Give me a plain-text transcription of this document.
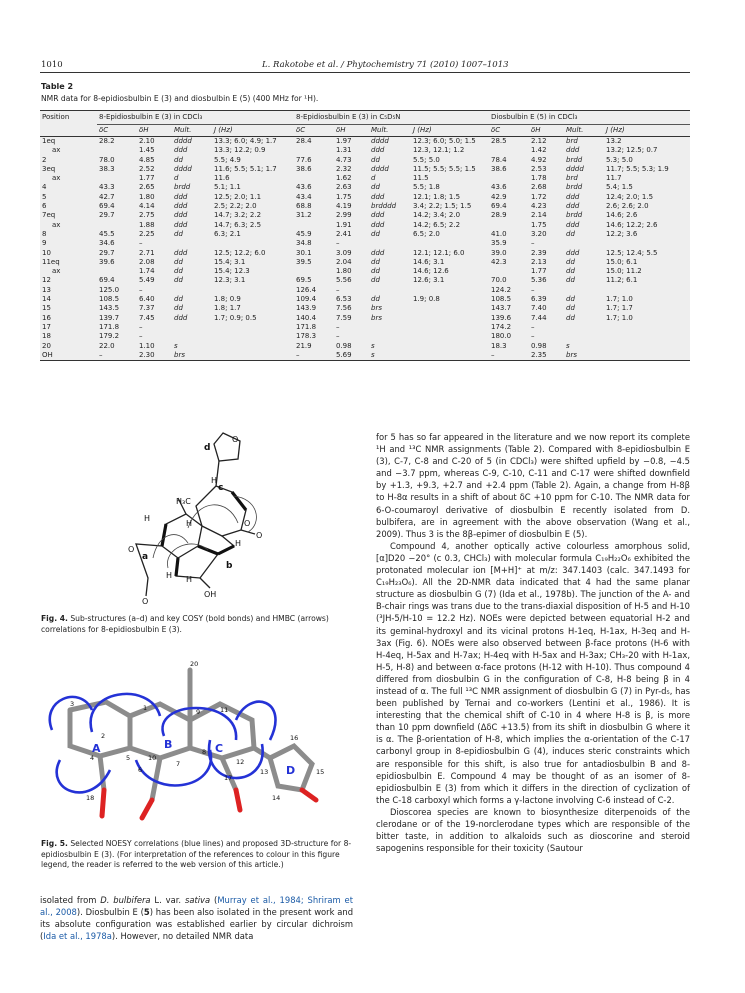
1010	L. Rakotobe et al. / Phytochemistry 71 (2010) 1007–1013
Table 2
NMR data for 8-epidiosbulbin E (3) and diosbulbin E (5) (400 MHz for ¹H).
Position	8-Epidiosbulbin E (3) in CDCl₃				8-Epidiosbulbin E (3) in C₅D₅N				Diosbulbin E (5) in CDCl₃			
	δC	δH	Mult.	J (Hz)	δC	δH	Mult.	J (Hz)	δC	δH	Mult.	J (Hz)
1eq	28.2	2.10	dddd	13.3; 6.0; 4.9; 1.7	28.4	1.97	dddd	12.3; 6.0; 5.0; 1.5	28.5	2.12	brd	13.2
ax		1.45	ddd	13.3; 12.2; 0.9		1.31	ddd	12.3, 12.1; 1.2		1.42	ddd	13.2; 12.5; 0.7
2	78.0	4.85	dd	5.5; 4.9	77.6	4.73	dd	5.5; 5.0	78.4	4.92	brdd	5.3; 5.0
3eq	38.3	2.52	dddd	11.6; 5.5; 5.1; 1.7	38.6	2.32	dddd	11.5; 5.5; 5.5; 1.5	38.6	2.53	dddd	11.7; 5.5; 5.3; 1.9
ax		1.77	d	11.6		1.62	d	11.5		1.78	brd	11.7
4	43.3	2.65	brdd	5.1; 1.1	43.6	2.63	dd	5.5; 1.8	43.6	2.68	brdd	5.4; 1.5
5	42.7	1.80	ddd	12.5; 2.0; 1.1	43.4	1.75	ddd	12.1; 1.8; 1.5	42.9	1.72	ddd	12.4; 2.0; 1.5
6	69.4	4.14	ddd	2.5; 2.2; 2.0	68.8	4.19	brdddd	3.4; 2.2; 1.5; 1.5	69.4	4.23	ddd	2.6; 2.6; 2.0
7eq	29.7	2.75	ddd	14.7; 3.2; 2.2	31.2	2.99	ddd	14.2; 3.4; 2.0	28.9	2.14	brdd	14.6; 2.6
ax		1.88	ddd	14.7; 6.3; 2.5		1.91	ddd	14.2; 6.5; 2.2		1.75	ddd	14.6; 12.2; 2.6
8	45.5	2.25	dd	6.3; 2.1	45.9	2.41	dd	6.5; 2.0	41.0	3.20	dd	12.2; 3.6
9	34.6	–			34.8	–			35.9	–		
10	29.7	2.71	ddd	12.5; 12.2; 6.0	30.1	3.09	ddd	12.1; 12.1; 6.0	39.0	2.39	ddd	12.5; 12.4; 5.5
11eq	39.6	2.08	dd	15.4; 3.1	39.5	2.04	dd	14.6; 3.1	42.3	2.13	dd	15.0; 6.1
ax		1.74	dd	15.4; 12.3		1.80	dd	14.6; 12.6		1.77	dd	15.0; 11.2
12	69.4	5.49	dd	12.3; 3.1	69.5	5.56	dd	12.6; 3.1	70.0	5.36	dd	11.2; 6.1
13	125.0	–			126.4	–			124.2	–		
14	108.5	6.40	dd	1.8; 0.9	109.4	6.53	dd	1.9; 0.8	108.5	6.39	dd	1.7; 1.0
15	143.5	7.37	dd	1.8; 1.7	143.9	7.56	brs		143.7	7.40	dd	1.7; 1.7
16	139.7	7.45	ddd	1.7; 0.9; 0.5	140.4	7.59	brs		139.6	7.44	dd	1.7; 1.0
17	171.8	–			171.8	–			174.2	–		
18	179.2	–			178.3	–			180.0	–		
20	22.0	1.10	s		21.9	0.98	s		18.3	0.98	s	
OH	–	2.30	brs		–	5.69	s		–	2.35	brs	
d
c
a
b
H₃C
H
H
H
H H
H
OH
O
O
O
O
O
Fig. 4. Sub-structures (a–d) and key COSY (bold bonds) and HMBC (arrows) correlations for 8-epidiosbulbin E (3).
1
2
3
4	5
6
7
8
9
10
11
12
13
14
15
16
17
18
20
A	B	C
D
Fig. 5. Selected NOESY correlations (blue lines) and proposed 3D-structure for 8-epidiosbulbin E (3). (For interpretation of the references to colour in this figure legend, the reader is referred to the web version of this article.)

isolated from D. bulbifera L. var. sativa (Murray et al., 1984; Shriram et al., 2008). Diosbulbin E (5) has been also isolated in the present work and its absolute configuration was established earlier by circular dichroism (Ida et al., 1978a). However, no detailed NMR data

for 5 has so far appeared in the literature and we now report its complete ¹H and ¹³C NMR assignments (Table 2). Compared with 8-epidiosbulbin E (3), C-7, C-8 and C-20 of 5 (in CDCl₃) were shifted upfield by −0.8, −4.5 and −3.7 ppm, whereas C-9, C-10, C-11 and C-17 were shifted downfield by +1.3, +9.3, +2.7 and +2.4 ppm (Table 2). Again, a change from H-8β to H-8α results in a shift of about δC +10 ppm for C-10. The NMR data for 6-O-coumaroyl derivative of diosbulbin E recently isolated from D. bulbifera, are in agreement with the above observation (Wang et al., 2009). Thus 3 is the 8β-epimer of diosbulbin E (5).

Compound 4, another optically active colourless amorphous solid, [α]D20 −20° (c 0.3, CHCl₃) with molecular formula C₁₉H₂₂O₆ exhibited the protonated molecular ion [M+H]⁺ at m/z: 347.1403 (calc. 347.1493 for C₁₉H₂₃O₆). All the 2D-NMR data indicated that 4 had the same planar structure as diosbulbin G (7) (Ida et al., 1978b). The junction of the A- and B-chair rings was trans due to the trans-diaxial disposition of H-5 and H-10 (³JH-5/H-10 = 12.2 Hz). NOEs were depicted between equatorial H-2 and its geminal-hydroxyl and its vicinal protons H-1eq, H-1ax, H-3eq and H-3ax (Fig. 6). NOEs were also observed between β-face protons (H-6 with H-4eq, H-5ax and H-7ax; H-4eq with H-5ax and H-3ax; CH₃-20 with H-1ax, H-5, H-8) and between α-face protons (H-12 with H-10). Thus compound 4 differed from diosbulbin G in the configuration of C-8, H-8 being β in 4 instead of α. The full ¹³C NMR assignment of diosbulbin G (7) in Pyr-d₅, has been published by Ternai and co-workers (Lentini et al., 1986). It is interesting that the chemical shift of C-10 in 4 where H-8 is β, is more than 10 ppm downfield (ΔδC +13.5) from its shift in diosbulbin G where it is α. The β-orientation of H-8, which implies the α-orientation of the C-17 carbonyl group in 8-epidiosbulbin G (4), induces steric constraints which are responsible for this shift, is also true for antadiosbulbin B and 8-epidiosbulbin E. Compound 4 may be thought of as an isomer of 8-epidiosbulbin E (3) from which it differs in the direction of cyclization of the C-18 carboxyl which forms a γ-lactone involving C-6 instead of C-2.

Dioscorea species are known to biosynthesize diterpenoids of the clerodane or of the 19-norclerodane types which are responsible of the bitter taste, in addition to alkaloids such as dioscorine and steroid sapogenins responsible for their toxicity (Sautour
